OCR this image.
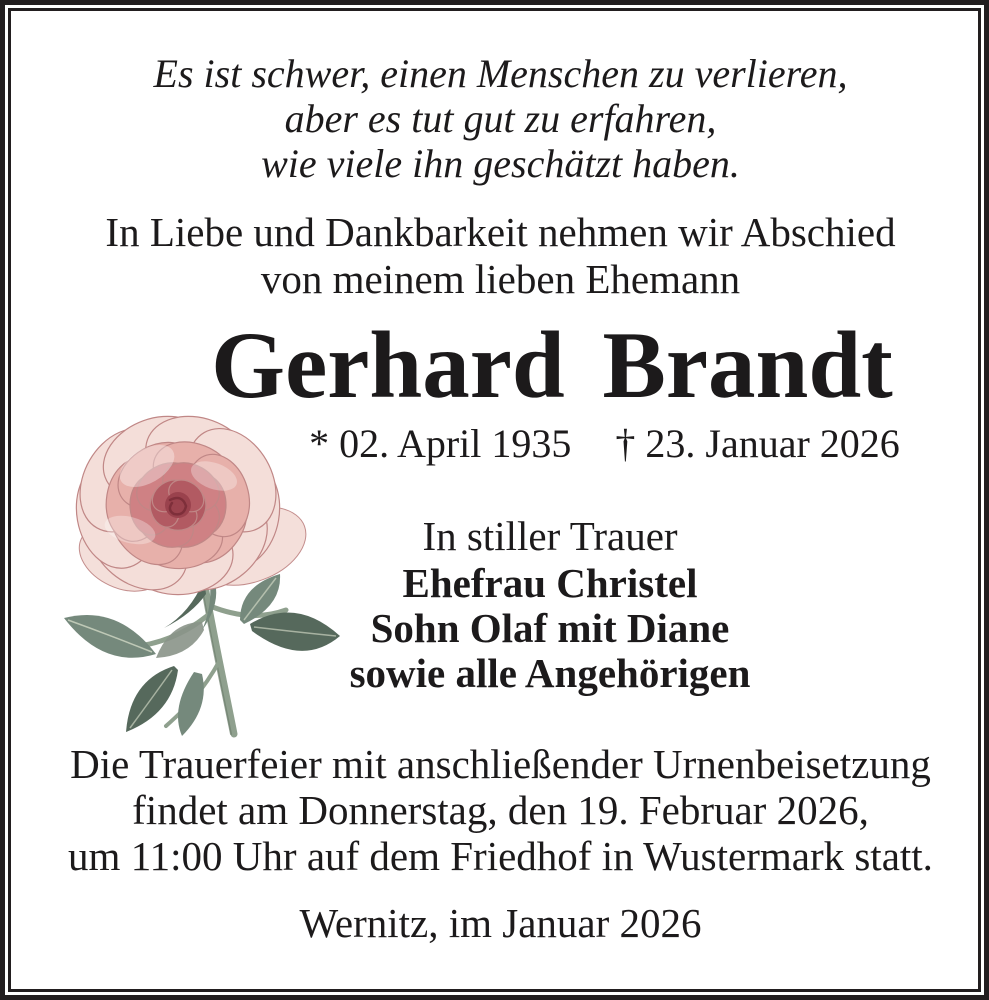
Es ist schwer, einen Menschen zu verlieren,
aber es tut gut zu erfahren,
wie viele ihn geschätzt haben.
In Liebe und Dankbarkeit nehmen wir Abschied
von meinem lieben Ehemann
Gerhard Brandt
* 02. April 1935 † 23. Januar 2026
In stiller Trauer
Ehefrau Christel
Sohn Olaf mit Diane
sowie alle Angehörigen
Die Trauerfeier mit anschließender Urnenbeisetzung
findet am Donnerstag, den 19. Februar 2026,
um 11:00 Uhr auf dem Friedhof in Wustermark statt.
Wernitz, im Januar 2026
